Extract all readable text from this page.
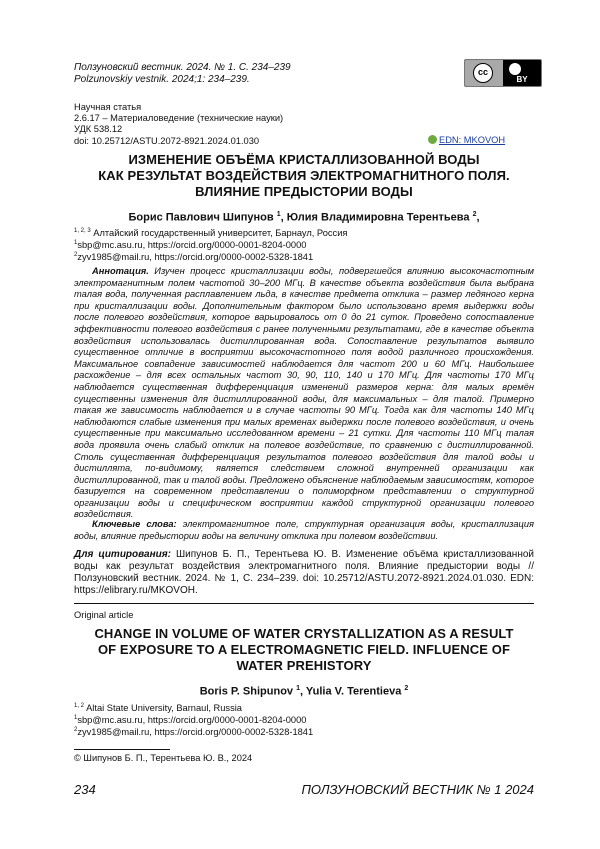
Ползуновский вестник. 2024. № 1. С. 234–239
Polzunovskiy vestnik. 2024;1: 234–239.
cc
BY
Научная статья
2.6.17 – Материаловедение (технические науки)
УДК 538.12
doi: 10.25712/ASTU.2072-8921.2024.01.030	EDN: MKOVOH
ИЗМЕНЕНИЕ ОБЪЁМА КРИСТАЛЛИЗОВАННОЙ ВОДЫ
КАК РЕЗУЛЬТАТ ВОЗДЕЙСТВИЯ ЭЛЕКТРОМАГНИТНОГО ПОЛЯ.
ВЛИЯНИЕ ПРЕДЫСТОРИИ ВОДЫ
Борис Павлович Шипунов $^1$, Юлия Владимировна Терентьева $^2$,
$^{1, 2, 3}$ Алтайский государственный университет, Барнаул, Россия
$^1$sbp@mc.asu.ru, https://orcid.org/0000-0001-8204-0000
$^2$zyv1985@mail.ru, https://orcid.org/0000-0002-5328-1841
Аннотация. Изучен процесс кристаллизации воды, подвергшейся влиянию высокочастотным электромагнитным полем частотой 30–200 МГц. В качестве объекта воздействия была выбрана талая вода, полученная расплавлением льда, в качестве предмета отклика – размер ледяного керна при кристаллизации воды. Дополнительным фактором было использовано время выдержки воды после полевого воздействия, которое варьировалось от 0 до 21 суток. Проведено сопоставление эффективности полевого воздействия с ранее полученными результатами, где в качестве объекта воздействия использовалась дистиллированная вода. Сопоставление результатов выявило существенное отличие в восприятии высокочастотного поля водой различного происхождения. Максимальное совпадение зависимостей наблюдается для частот 200 и 60 МГц. Наибольшее расхождение – для всех остальных частот 30, 90, 110, 140 и 170 МГц. Для частоты 170 МГц наблюдается существенная дифференциация изменений размеров керна: для малых времён существенны изменения для дистиллированной воды, для максимальных – для талой. Примерно такая же зависимость наблюдается и в случае частоты 90 МГц. Тогда как для частоты 140 МГц наблюдаются слабые изменения при малых временах выдержки после полевого воздействия, и очень существенные при максимально исследованном времени – 21 сутки. Для частоты 110 МГц талая вода проявила очень слабый отклик на полевое воздействие, по сравнению с дистиллированной. Столь существенная дифференциация результатов полевого воздействия для талой воды и дистиллята, по-видимому, является следствием сложной внутренней организации как дистиллированной, так и талой воды. Предложено объяснение наблюдаемым зависимостям, которое базируется на современном представлении о полиморфном представлении о структурной организации воды и специфическом восприятии каждой структурной организации полевого воздействия.
Ключевые слова: электромагнитное поле, структурная организация воды, кристаллизация воды, влияние предыстории воды на величину отклика при полевом воздействии.
Для цитирования: Шипунов Б. П., Терентьева Ю. В. Изменение объёма кристаллизованной воды как результат воздействия электромагнитного поля. Влияние предыстории воды // Ползуновский вестник. 2024. № 1, С. 234–239. doi: 10.25712/ASTU.2072-8921.2024.01.030. EDN: https://elibrary.ru/MKOVOH.
Original article
CHANGE IN VOLUME OF WATER CRYSTALLIZATION AS A RESULT
OF EXPOSURE TO A ELECTROMAGNETIC FIELD. INFLUENCE OF
WATER PREHISTORY
Boris P. Shipunov $^1$, Yulia V. Terentieva $^2$
$^{1, 2}$ Altai State University, Barnaul, Russia
$^1$sbp@mc.asu.ru, https://orcid.org/0000-0001-8204-0000
$^2$zyv1985@mail.ru, https://orcid.org/0000-0002-5328-1841
© Шипунов Б. П., Терентьева Ю. В., 2024
234	ПОЛЗУНОВСКИЙ ВЕСТНИК № 1 2024
